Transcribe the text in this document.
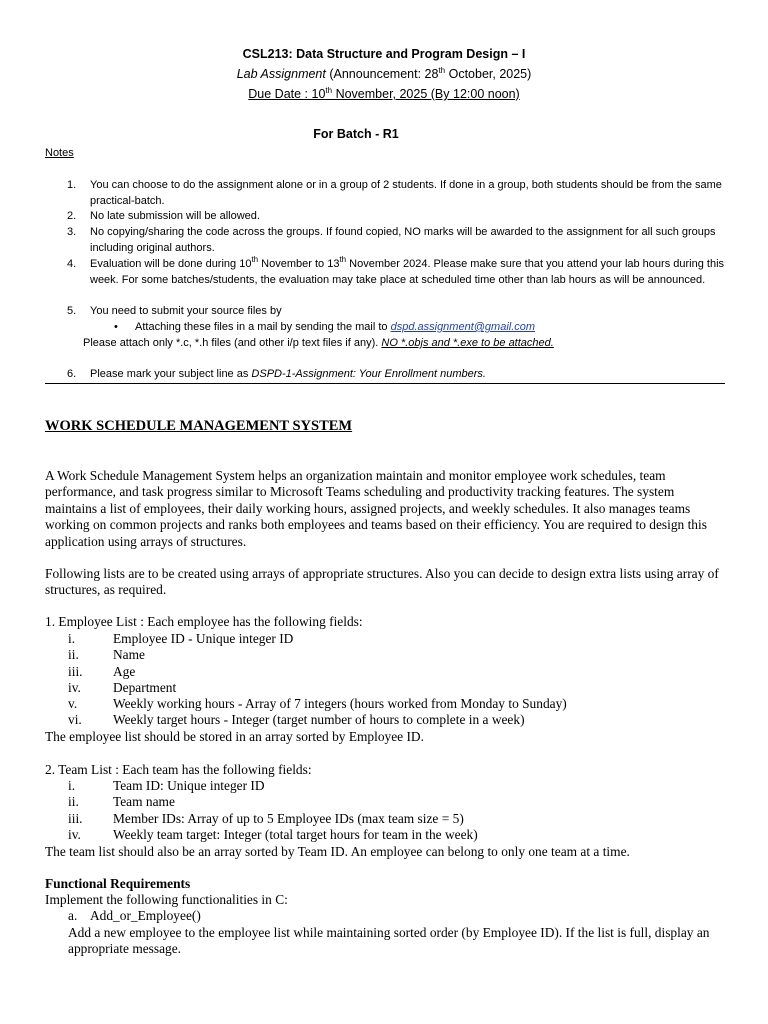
CSL213: Data Structure and Program Design – I
Lab Assignment (Announcement: 28th October, 2025)
Due Date : 10th November, 2025 (By 12:00 noon)
For Batch - R1
Notes
1.	You can choose to do the assignment alone or in a group of 2 students. If done in a group, both students should be from the same practical-batch.
2.	No late submission will be allowed.
3.	No copying/sharing the code across the groups. If found copied, NO marks will be awarded to the assignment for all such groups including original authors.
4.	Evaluation will be done during 10th November to 13th November 2024. Please make sure that you attend your lab hours during this week. For some batches/students, the evaluation may take place at scheduled time other than lab hours as will be announced.
5.	You need to submit your source files by
• Attaching these files in a mail by sending the mail to dspd.assignment@gmail.com
Please attach only *.c, *.h files (and other i/p text files if any). NO *.objs and *.exe to be attached.
6.	Please mark your subject line as DSPD-1-Assignment: Your Enrollment numbers.
WORK SCHEDULE MANAGEMENT SYSTEM
A Work Schedule Management System helps an organization maintain and monitor employee work schedules, team performance, and task progress similar to Microsoft Teams scheduling and productivity tracking features. The system maintains a list of employees, their daily working hours, assigned projects, and weekly schedules. It also manages teams working on common projects and ranks both employees and teams based on their efficiency. You are required to design this application using arrays of structures.
Following lists are to be created using arrays of appropriate structures. Also you can decide to design extra lists using array of structures, as required.
1. Employee List : Each employee has the following fields:
i.	Employee ID - Unique integer ID
ii.	Name
iii. Age
iv. Department
v.	Weekly working hours - Array of 7 integers (hours worked from Monday to Sunday)
vi. Weekly target hours - Integer (target number of hours to complete in a week)
The employee list should be stored in an array sorted by Employee ID.
2. Team List : Each team has the following fields:
i.	Team ID: Unique integer ID
ii.	Team name
iii. Member IDs: Array of up to 5 Employee IDs (max team size = 5)
iv. Weekly team target: Integer (total target hours for team in the week)
The team list should also be an array sorted by Team ID. An employee can belong to only one team at a time.
Functional Requirements
Implement the following functionalities in C:
a. Add_or_Employee()
Add a new employee to the employee list while maintaining sorted order (by Employee ID). If the list is full, display an appropriate message.
